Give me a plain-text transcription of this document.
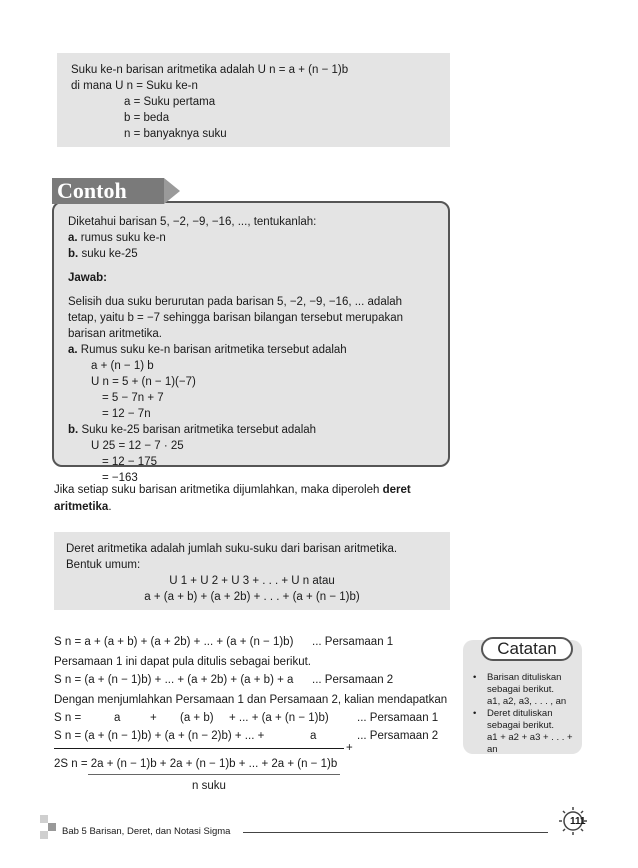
Suku ke-n barisan aritmetika adalah U n = a + (n − 1)b
di mana U n = Suku ke-n
a = Suku pertama
b = beda
n = banyaknya suku
Diketahui barisan 5, −2, −9, −16, ..., tentukanlah:
a. rumus suku ke-n
b. suku ke-25
Jawab:
Selisih dua suku berurutan pada barisan 5, −2, −9, −16, ... adalah
tetap, yaitu b = −7 sehingga barisan bilangan tersebut merupakan
barisan aritmetika.
a. Rumus suku ke-n barisan aritmetika tersebut adalah
a + (n − 1) b
U n = 5 + (n − 1)(−7)
= 5 − 7n + 7
= 12 − 7n
b. Suku ke-25 barisan aritmetika tersebut adalah
U 25 = 12 − 7 · 25
= 12 − 175
= −163
Contoh
Jika setiap suku barisan aritmetika dijumlahkan, maka diperoleh deret aritmetika.
Deret aritmetika adalah jumlah suku-suku dari barisan aritmetika.
Bentuk umum:
U 1 + U 2 + U 3 + . . . + U n atau
a + (a + b) + (a + 2b) + . . . + (a + (n − 1)b)
S n = a + (a + b) + (a + 2b) + ... + (a + (n − 1)b) ... Persamaan 1
Persamaan 1 ini dapat pula ditulis sebagai berikut.
S n = (a + (n − 1)b) + ... + (a + 2b) + (a + b) + a ... Persamaan 2
Dengan menjumlahkan Persamaan 1 dan Persamaan 2, kalian mendapatkan
S n =	a	+ (a + b) + ... + (a + (n − 1)b) ... Persamaan 1
S n = (a + (n − 1)b) + (a + (n − 2)b) + ... +	a	... Persamaan 2
+
2S n = 2a + (n − 1)b + 2a + (n − 1)b + ... + 2a + (n − 1)b
n suku
Catatan
• Barisan dituliskan sebagai berikut.
a1, a2, a3, . . . , an
• Deret dituliskan sebagai berikut.
a1 + a2 + a3 + . . . + an
Bab 5 Barisan, Deret, dan Notasi Sigma
111
